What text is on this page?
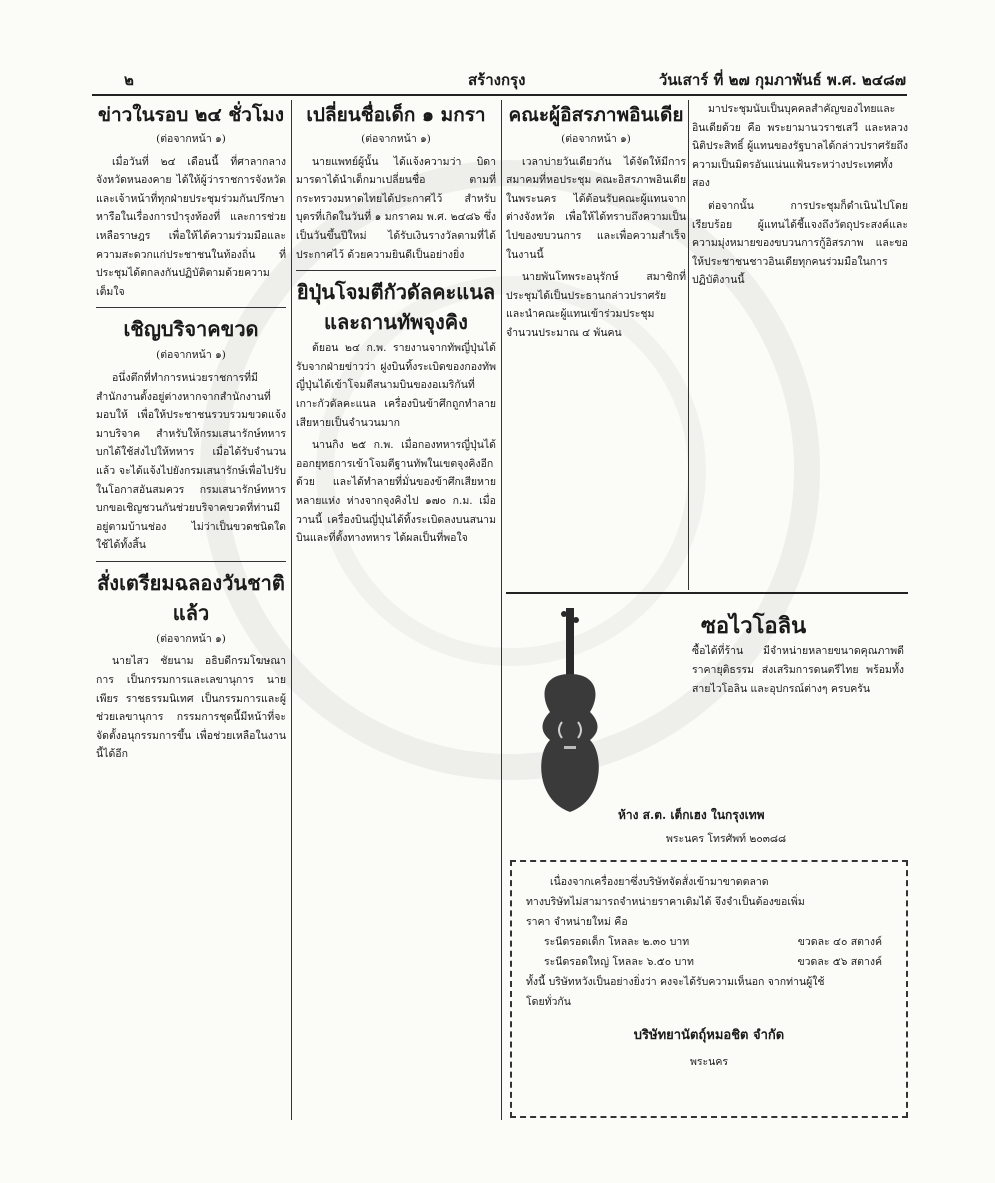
๒	สร้างกรุง	วันเสาร์ ที่ ๒๗ กุมภาพันธ์ พ.ศ. ๒๔๘๗
ข่าวในรอบ ๒๔ ชั่วโมง
(ต่อจากหน้า ๑)

เมื่อวันที่ ๒๔ เดือนนี้ ที่ศาลากลางจังหวัดหนองคาย ได้ให้ผู้ว่าราชการจังหวัดและเจ้าหน้าที่ทุกฝ่ายประชุมร่วมกันปรึกษาหารือในเรื่องการบำรุงท้องที่ และการช่วยเหลือราษฎร เพื่อให้ได้ความร่วมมือและความสะดวกแก่ประชาชนในท้องถิ่น ที่ประชุมได้ตกลงกันปฏิบัติตามด้วยความเต็มใจ

เชิญบริจาคขวด
(ต่อจากหน้า ๑)

อนึ่งตึกที่ทำการหน่วยราชการที่มีสำนักงานตั้งอยู่ต่างหากจากสำนักงานที่มอบให้ เพื่อให้ประชาชนรวบรวมขวดแจ้งมาบริจาค สำหรับให้กรมเสนารักษ์ทหารบกได้ใช้ส่งไปให้ทหาร เมื่อได้รับจำนวนแล้ว จะได้แจ้งไปยังกรมเสนารักษ์เพื่อไปรับในโอกาสอันสมควร กรมเสนารักษ์ทหารบกขอเชิญชวนกันช่วยบริจาคขวดที่ท่านมีอยู่ตามบ้านช่อง ไม่ว่าเป็นขวดชนิดใด ใช้ได้ทั้งสิ้น

สั่งเตรียมฉลองวันชาติแล้ว
(ต่อจากหน้า ๑)

นายไสว ชัยนาม อธิบดีกรมโฆษณาการ เป็นกรรมการและเลขานุการ นายเพียร ราชธรรมนิเทศ เป็นกรรมการและผู้ช่วยเลขานุการ กรรมการชุดนี้มีหน้าที่จะจัดตั้งอนุกรรมการขึ้น เพื่อช่วยเหลือในงานนี้ได้อีก

เปลี่ยนชื่อเด็ก ๑ มกรา
(ต่อจากหน้า ๑)

นายแพทย์ผู้นั้น ได้แจ้งความว่า บิดามารดาได้นำเด็กมาเปลี่ยนชื่อ ตามที่กระทรวงมหาดไทยได้ประกาศไว้ สำหรับบุตรที่เกิดในวันที่ ๑ มกราคม พ.ศ. ๒๔๘๖ ซึ่งเป็นวันขึ้นปีใหม่ ได้รับเงินรางวัลตามที่ได้ประกาศไว้ ด้วยความยินดีเป็นอย่างยิ่ง

ยิปุ่นโจมตีกัวดัลคะแนลและถานทัพจุงคิง

ต้ยอน ๒๔ ก.พ. รายงานจากทัพญี่ปุ่นได้รับจากฝ่ายข่าวว่า ฝูงบินทิ้งระเบิดของกองทัพญี่ปุ่นได้เข้าโจมตีสนามบินของอเมริกันที่เกาะกัวดัลคะแนล เครื่องบินข้าศึกถูกทำลายเสียหายเป็นจำนวนมาก

นานกิง ๒๕ ก.พ. เมื่อกองทหารญี่ปุ่นได้ออกยุทธการเข้าโจมตีฐานทัพในเขตจุงคิงอีกด้วย และได้ทำลายที่มั่นของข้าศึกเสียหายหลายแห่ง ห่างจากจุงคิงไป ๑๗๐ ก.ม. เมื่อวานนี้ เครื่องบินญี่ปุ่นได้ทิ้งระเบิดลงบนสนามบินและที่ตั้งทางทหาร ได้ผลเป็นที่พอใจ

คณะผู้อิสรภาพอินเดีย
(ต่อจากหน้า ๑)

เวลาบ่ายวันเดียวกัน ได้จัดให้มีการสมาคมที่หอประชุม คณะอิสรภาพอินเดีย ในพระนคร ได้ต้อนรับคณะผู้แทนจากต่างจังหวัด เพื่อให้ได้ทราบถึงความเป็นไปของขบวนการ และเพื่อความสำเร็จในงานนี้

นายพันโทพระอนุรักษ์ สมาชิกที่ประชุมได้เป็นประธานกล่าวปราศรัย และนำคณะผู้แทนเข้าร่วมประชุม จำนวนประมาณ ๔ พันคน

มาประชุมนับเป็นบุคคลสำคัญของไทยและอินเดียด้วย คือ พระยามานวราชเสวี และหลวงนิติประสิทธิ์ ผู้แทนของรัฐบาลได้กล่าวปราศรัยถึงความเป็นมิตรอันแน่นแฟ้นระหว่างประเทศทั้งสอง

ต่อจากนั้น การประชุมก็ดำเนินไปโดยเรียบร้อย ผู้แทนได้ชี้แจงถึงวัตถุประสงค์และความมุ่งหมายของขบวนการกู้อิสรภาพ และขอให้ประชาชนชาวอินเดียทุกคนร่วมมือในการปฏิบัติงานนี้

ซอไวโอลิน
ซื้อได้ที่ร้าน มีจำหน่ายหลายขนาดคุณภาพดี ราคายุติธรรม ส่งเสริมการดนตรีไทย พร้อมทั้งสายไวโอลิน และอุปกรณ์ต่างๆ ครบครัน
ห้าง ส.ต. เต็กเฮง ในกรุงเทพ
พระนคร โทรศัพท์ ๒๐๓๘๘
เนื่องจากเครื่องยาซึ่งบริษัทจัดสั่งเข้ามาขาดตลาด
ทางบริษัทไม่สามารถจำหน่ายราคาเดิมได้ จึงจำเป็นต้องขอเพิ่ม
ราคา จำหน่ายใหม่ คือ
ระนีดรอดเด็ก โหลละ ๒.๓๐ บาท	ขวดละ ๔๐ สตางค์
ระนีดรอดใหญ่ โหลละ ๖.๕๐ บาท	ขวดละ ๕๖ สตางค์
ทั้งนี้ บริษัทหวังเป็นอย่างยิ่งว่า คงจะได้รับความเห็นอก จากท่านผู้ใช้
โดยทั่วกัน
บริษัทยานัตถุ์หมอชิต จำกัด
พระนคร
